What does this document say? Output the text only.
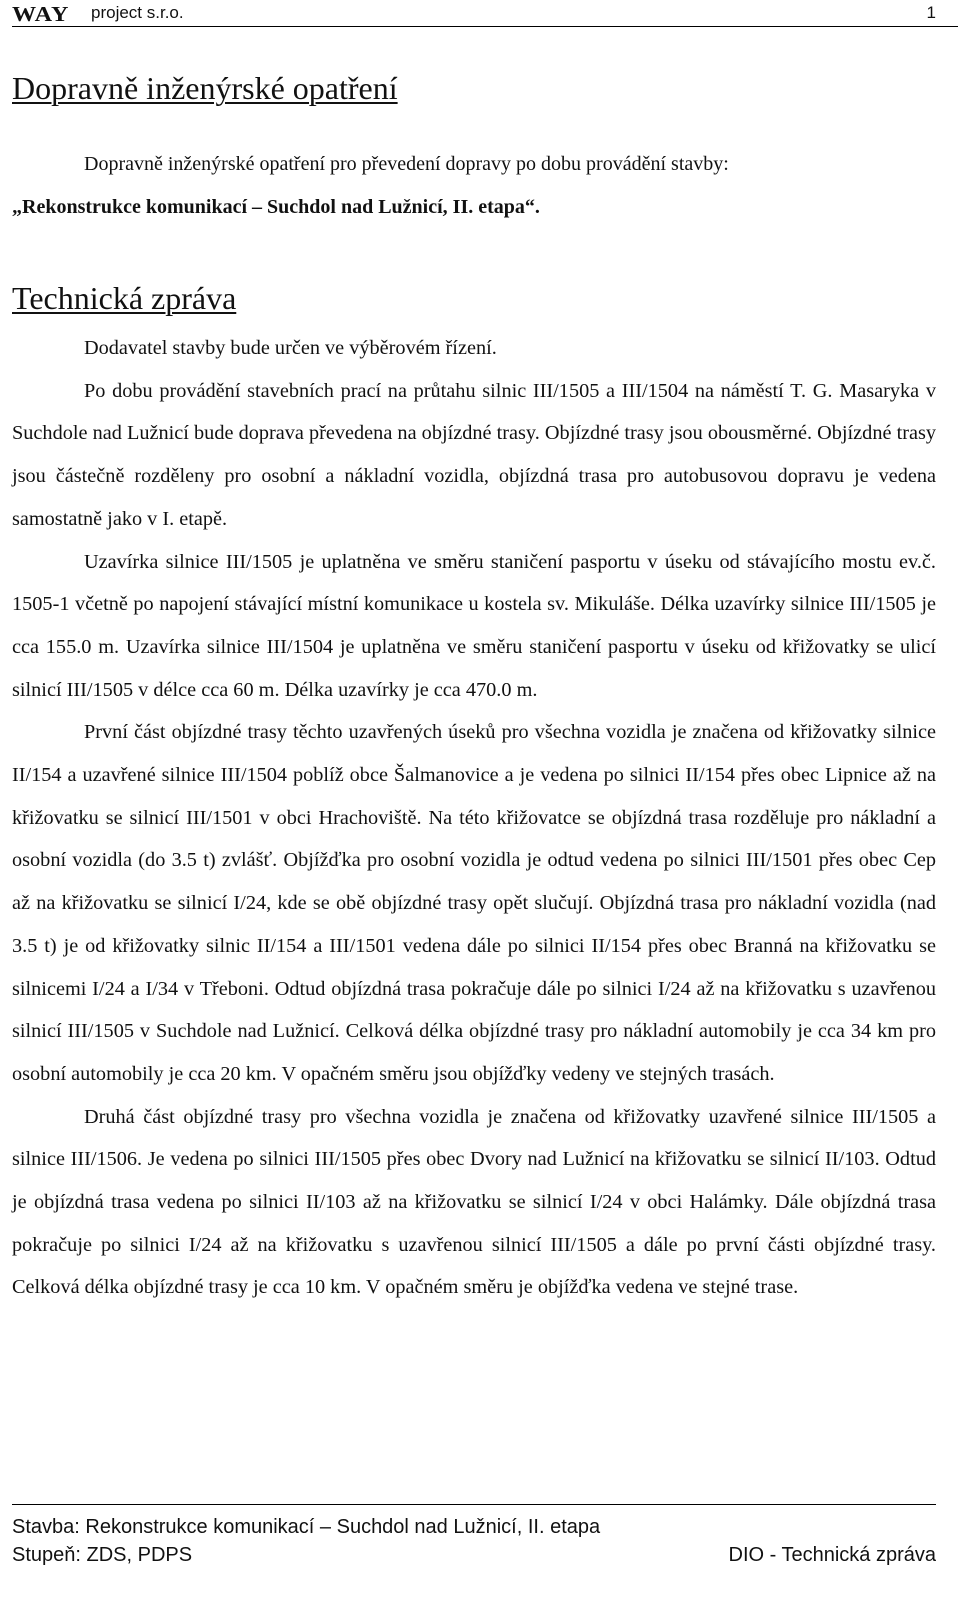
WAY project s.r.o.	1
Dopravně inženýrské opatření
Dopravně inženýrské opatření pro převedení dopravy po dobu provádění stavby:
„Rekonstrukce komunikací – Suchdol nad Lužnicí, II. etapa“.
Technická zpráva

Dodavatel stavby bude určen ve výběrovém řízení.

Po dobu provádění stavebních prací na průtahu silnic III/1505 a III/1504 na náměstí T. G. Masaryka v Suchdole nad Lužnicí bude doprava převedena na objízdné trasy. Objízdné trasy jsou obousměrné. Objízdné trasy jsou částečně rozděleny pro osobní a nákladní vozidla, objízdná trasa pro autobusovou dopravu je vedena samostatně jako v I. etapě.

Uzavírka silnice III/1505 je uplatněna ve směru staničení pasportu v úseku od stávajícího mostu ev.č. 1505-1 včetně po napojení stávající místní komunikace u kostela sv. Mikuláše. Délka uzavírky silnice III/1505 je cca 155.0 m. Uzavírka silnice III/1504 je uplatněna ve směru staničení pasportu v úseku od křižovatky se ulicí silnicí III/1505 v délce cca 60 m. Délka uzavírky je cca 470.0 m.

První část objízdné trasy těchto uzavřených úseků pro všechna vozidla je značena od křižovatky silnice II/154 a uzavřené silnice III/1504 poblíž obce Šalmanovice a je vedena po silnici II/154 přes obec Lipnice až na křižovatku se silnicí III/1501 v obci Hrachoviště. Na této křižovatce se objízdná trasa rozděluje pro nákladní a osobní vozidla (do 3.5 t) zvlášť. Objížďka pro osobní vozidla je odtud vedena po silnici III/1501 přes obec Cep až na křižovatku se silnicí I/24, kde se obě objízdné trasy opět slučují. Objízdná trasa pro nákladní vozidla (nad 3.5 t) je od křižovatky silnic II/154 a III/1501 vedena dále po silnici II/154 přes obec Branná na křižovatku se silnicemi I/24 a I/34 v Třeboni. Odtud objízdná trasa pokračuje dále po silnici I/24 až na křižovatku s uzavřenou silnicí III/1505 v Suchdole nad Lužnicí. Celková délka objízdné trasy pro nákladní automobily je cca 34 km pro osobní automobily je cca 20 km. V opačném směru jsou objížďky vedeny ve stejných trasách.

Druhá část objízdné trasy pro všechna vozidla je značena od křižovatky uzavřené silnice III/1505 a silnice III/1506. Je vedena po silnici III/1505 přes obec Dvory nad Lužnicí na křižovatku se silnicí II/103. Odtud je objízdná trasa vedena po silnici II/103 až na křižovatku se silnicí I/24 v obci Halámky. Dále objízdná trasa pokračuje po silnici I/24 až na křižovatku s uzavřenou silnicí III/1505 a dále po první části objízdné trasy. Celková délka objízdné trasy je cca 10 km. V opačném směru je objížďka vedena ve stejné trase.

Stavba: Rekonstrukce komunikací – Suchdol nad Lužnicí, II. etapa
Stupeň: ZDS, PDPS	DIO - Technická zpráva
